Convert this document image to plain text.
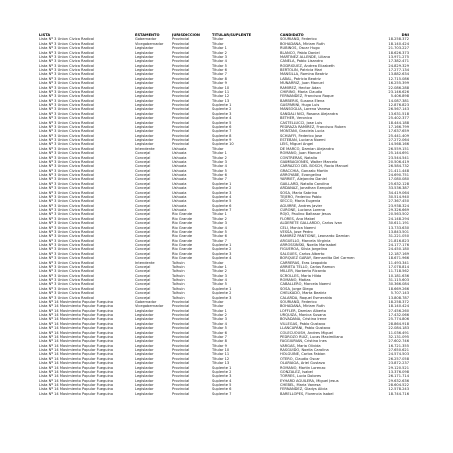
LISTA	ESTAMENTO	JURISDICCION	TITULAR/SUPLENTE	CANDIDATO	DNI
Lista Nº 3 Union Civica Radical	Gobernador	Provincial	Titular	SOURIAND, Federico	18.258.372
Lista Nº 3 Union Civica Radical	Vicegobernador	Provincial	Titular	BOHADANA, Miriam Ruth	18.140.424
Lista Nº 3 Union Civica Radical	Legislador	Provincial	Titular 1	RUBINOS, Oscar Hugo	21.703.227
Lista Nº 3 Union Civica Radical	Legislador	Provincial	Titular 2	BLANCO, Pablo Daniel	18.626.373
Lista Nº 3 Union Civica Radical	Legislador	Provincial	Titular 3	MARTINEZ ALLENDE, Liliana	13.971.275
Lista Nº 3 Union Civica Radical	Legislador	Provincial	Titular 4	CANELA, Pablo Lisandro	17.382.471
Lista Nº 3 Union Civica Radical	Legislador	Provincial	Titular 5	RODRIGUEZ, Andrea Elizabeth	24.829.329
Lista Nº 3 Union Civica Radical	Legislador	Provincial	Titular 6	BERTOLIN, Patricia Mari	17.277.134
Lista Nº 3 Union Civica Radical	Legislador	Provincial	Titular 7	MANSILLA, Romina Beatriz	13.882.634
Lista Nº 3 Union Civica Radical	Legislador	Provincial	Titular 8	LABAL, Patricia Beatriz	12.715.086
Lista Nº 3 Union Civica Radical	Legislador	Provincial	Titular 9	MUNARRIZ, Juan Manuel	16.255.399
Lista Nº 3 Union Civica Radical	Legislador	Provincial	Titular 10	RAMIREZ, Hector Adan	22.086.288
Lista Nº 3 Union Civica Radical	Legislador	Provincial	Titular 11	CHIRINO, Maria Claudia	23.146.626
Lista Nº 3 Union Civica Radical	Legislador	Provincial	Titular 12	FERNANDEZ, Francisco Roque	5.406.898
Lista Nº 3 Union Civica Radical	Legislador	Provincial	Titular 13	BARBERIS, Susana Elena	14.087.381
Lista Nº 3 Union Civica Radical	Legislador	Provincial	Suplente 1	GASPARINI, Hugo Luis	12.876.823
Lista Nº 3 Union Civica Radical	Legislador	Provincial	Suplente 2	MANSOGLIA, Lorena Vanesa	26.567.143
Lista Nº 3 Union Civica Radical	Legislador	Provincial	Suplente 3	SANDALI NICI, Rosana Alejandra	13.631.518
Lista Nº 3 Union Civica Radical	Legislador	Provincial	Suplente 4	BETHER, Veronica	25.402.377
Lista Nº 3 Union Civica Radical	Legislador	Provincial	Suplente 5	CASTELLUCCI, Jose Luis	18.444.188
Lista Nº 3 Union Civica Radical	Legislador	Provincial	Suplente 6	PEDRAZA RAMIREZ, Francisco Ruben	17.166.799
Lista Nº 3 Union Civica Radical	Legislador	Provincial	Suplente 7	MONTANI, Graciela Lucia	17.637.659
Lista Nº 3 Union Civica Radical	Legislador	Provincial	Suplente 8	SCHIAFFI, Federico Jose	25.441.409
Lista Nº 3 Union Civica Radical	Legislador	Provincial	Suplente 9	ESTEBAN, Luciana Noemi	27.272.064
Lista Nº 3 Union Civica Radical	Legislador	Provincial	Suplente 10	LEIS, Miguel Angel	14.568.166
Lista Nº 3 Union Civica Radical	Intendente	Ushuaia	Titular	DE MARCO, Damian Alejandro	26.559.151
Lista Nº 3 Union Civica Radical	Concejal	Ushuaia	Titular 1	ROMANO, Juan Manuel	25.144.691
Lista Nº 3 Union Civica Radical	Concejal	Ushuaia	Titular 2	CONTRERAS, Natalia	23.544.541
Lista Nº 3 Union Civica Radical	Concejal	Ushuaia	Titular 3	GIAMBAGIONES, Walter Marcelo	20.506.419
Lista Nº 3 Union Civica Radical	Concejal	Ushuaia	Titular 4	CARRAZCO DEL BOSCH, Rocio Manuel	26.584.732
Lista Nº 3 Union Civica Radical	Concejal	Ushuaia	Titular 5	GRACCHIA, Gonzalo Martin	21.411.448
Lista Nº 3 Union Civica Radical	Concejal	Ushuaia	Titular 6	ARROYABE, Evangelina	24.690.751
Lista Nº 3 Union Civica Radical	Concejal	Ushuaia	Titular 7	YARRIET, Alejandro Daniel	17.080.080
Lista Nº 3 Union Civica Radical	Concejal	Ushuaia	Suplente 1	GAILLARD, Natalia Carolina	25.632.128
Lista Nº 3 Union Civica Radical	Concejal	Ushuaia	Suplente 2	ARDANAZ, Jonathan Ezequiel	33.536.387
Lista Nº 3 Union Civica Radical	Concejal	Ushuaia	Suplente 3	SOSA, Maria Sabrina	34.419.064
Lista Nº 3 Union Civica Radical	Concejal	Ushuaia	Suplente 4	TEJERO, Federico Pablo	30.514.940
Lista Nº 3 Union Civica Radical	Concejal	Ushuaia	Suplente 5	SECCO, Maria Eugenia	27.367.450
Lista Nº 3 Union Civica Radical	Concejal	Ushuaia	Suplente 6	AGUIRRE, Andres Javier	23.938.324
Lista Nº 3 Union Civica Radical	Concejal	Ushuaia	Suplente 7	CURONE, Luciana Lorena	29.326.669
Lista Nº 3 Union Civica Radical	Concejal	Rio Grande	Titular 1	ROJO, Paulino Baltasar Jesus	20.563.502
Lista Nº 3 Union Civica Radical	Concejal	Rio Grande	Titular 2	FLORES, Ana Mabel	24.148.294
Lista Nº 3 Union Civica Radical	Concejal	Rio Grande	Titular 3	ALDERETE GALLARDO, Carlos Ivan	30.611.191
Lista Nº 3 Union Civica Radical	Concejal	Rio Grande	Titular 4	CELI, Monica Noemi	13.733.630
Lista Nº 3 Union Civica Radical	Concejal	Rio Grande	Titular 5	VESSA, Jose Pedro	13.843.501
Lista Nº 3 Union Civica Radical	Concejal	Rio Grande	Titular 6	RAMIREZ PANTIONE, Leonardo Damian	31.221.050
Lista Nº 3 Union Civica Radical	Concejal	Rio Grande	Titular 7	ARGUELLO, Marcela Virginia	21.816.823
Lista Nº 3 Union Civica Radical	Concejal	Rio Grande	Suplente 1	ARROSSINSKI, Noelia Marisabel	24.177.176
Lista Nº 3 Union Civica Radical	Concejal	Rio Grande	Suplente 2	FIGUEROA, Silvia Jorgelina	24.450.180
Lista Nº 3 Union Civica Radical	Concejal	Rio Grande	Suplente 3	SALGUES, Carlos Alberto	12.187.169
Lista Nº 3 Union Civica Radical	Concejal	Rio Grande	Suplente 4	BORQUEZ GARAY, Bernardita Del Carmen	18.671.966
Lista Nº 3 Union Civica Radical	Intendente	Tolhuin	Titular	CARRERAS, Eras Leopoldo	11.493.341
Lista Nº 3 Union Civica Radical	Concejal	Tolhuin	Titular 1	ARRIETA TELLO, Carlos Ramon	17.078.814
Lista Nº 3 Union Civica Radical	Concejal	Tolhuin	Titular 2	MILLER, Norberto Ricardo	11.718.562
Lista Nº 3 Union Civica Radical	Concejal	Tolhuin	Titular 3	SCROLLES, Maria Hilda	10.181.636
Lista Nº 3 Union Civica Radical	Concejal	Tolhuin	Titular 4	ROMANO, Matias	31.115.603
Lista Nº 3 Union Civica Radical	Concejal	Tolhuin	Titular 5	CABALLERO, Marcela Noemi	30.366.084
Lista Nº 3 Union Civica Radical	Concejal	Tolhuin	Suplente 1	SOSA, Jorge Diego	18.669.266
Lista Nº 3 Union Civica Radical	Concejal	Tolhuin	Suplente 2	CHELKADO, Marta Beatriz	5.707.143
Lista Nº 3 Union Civica Radical	Concejal	Tolhuin	Suplente 3	CALARDA, Raquel Esmeralda	13.808.787
Lista Nº 14 Movimiento Popular Fueguino	Gobernador	Provincial	Titular	SOURIAND, Federico	18.258.372
Lista Nº 14 Movimiento Popular Fueguino	Vicegobernador	Provincial	Titular	BOHADANA, Miriam Ruth	18.140.424
Lista Nº 14 Movimiento Popular Fueguino	Legislador	Provincial	Titular 1	LOFFLER, Damian Alberto	27.456.260
Lista Nº 14 Movimiento Popular Fueguino	Legislador	Provincial	Titular 2	URQUIZA, Monica Susana	17.432.066
Lista Nº 14 Movimiento Popular Fueguino	Legislador	Provincial	Titular 3	BOVADANA, Cristina Irene	25.774.806
Lista Nº 14 Movimiento Popular Fueguino	Legislador	Provincial	Titular 4	VILLEGAS, Pablo Gustavo	28.864.918
Lista Nº 14 Movimiento Popular Fueguino	Legislador	Provincial	Titular 5	LLANCAPANI, Pablo Gustavo	22.084.183
Lista Nº 14 Movimiento Popular Fueguino	Legislador	Provincial	Titular 6	COLECUOUSH, Andres Miguel	11.036.491
Lista Nº 14 Movimiento Popular Fueguino	Legislador	Provincial	Titular 7	PEDROZO RUIZ, Lucas Maximiliano	32.131.095
Lista Nº 14 Movimiento Popular Fueguino	Legislador	Provincial	Titular 8	FAGGIURIAN, Cristina Ines	27.602.746
Lista Nº 14 Movimiento Popular Fueguino	Legislador	Provincial	Titular 9	VARGAS, Maria Olivida	16.721.355
Lista Nº 14 Movimiento Popular Fueguino	Legislador	Provincial	Titular 10	RASGUIDO, Noelia Carolina	27.650.621
Lista Nº 14 Movimiento Popular Fueguino	Legislador	Provincial	Titular 11	HOLGUINE, Carlos Fabian	24.574.503
Lista Nº 14 Movimiento Popular Fueguino	Legislador	Provincial	Titular 12	OTERO, Claudio Oscar	26.257.058
Lista Nº 14 Movimiento Popular Fueguino	Legislador	Provincial	Titular 13	OLARIAGA, Ariel Gustavo	23.872.237
Lista Nº 14 Movimiento Popular Fueguino	Legislador	Provincial	Suplente 1	ROMANO, Martin Lorenzo	29.120.521
Lista Nº 14 Movimiento Popular Fueguino	Legislador	Provincial	Suplente 2	GONZALEZ, Isabel	13.376.098
Lista Nº 14 Movimiento Popular Fueguino	Legislador	Provincial	Suplente 3	TORRES, Lucia Dolores	26.171.714
Lista Nº 14 Movimiento Popular Fueguino	Legislador	Provincial	Suplente 4	EYHARD AGUILERA, Miguel Jesus	29.632.636
Lista Nº 14 Movimiento Popular Fueguino	Legislador	Provincial	Suplente 5	CHEBEL, Maria Vanesa	28.604.522
Lista Nº 14 Movimiento Popular Fueguino	Legislador	Provincial	Suplente 6	FERNANDEZ, Gladys Alicia	12.578.243
Lista Nº 14 Movimiento Popular Fueguino	Legislador	Provincial	Suplente 7	BARELLOPES, Florencia Isabel	18.744.716
